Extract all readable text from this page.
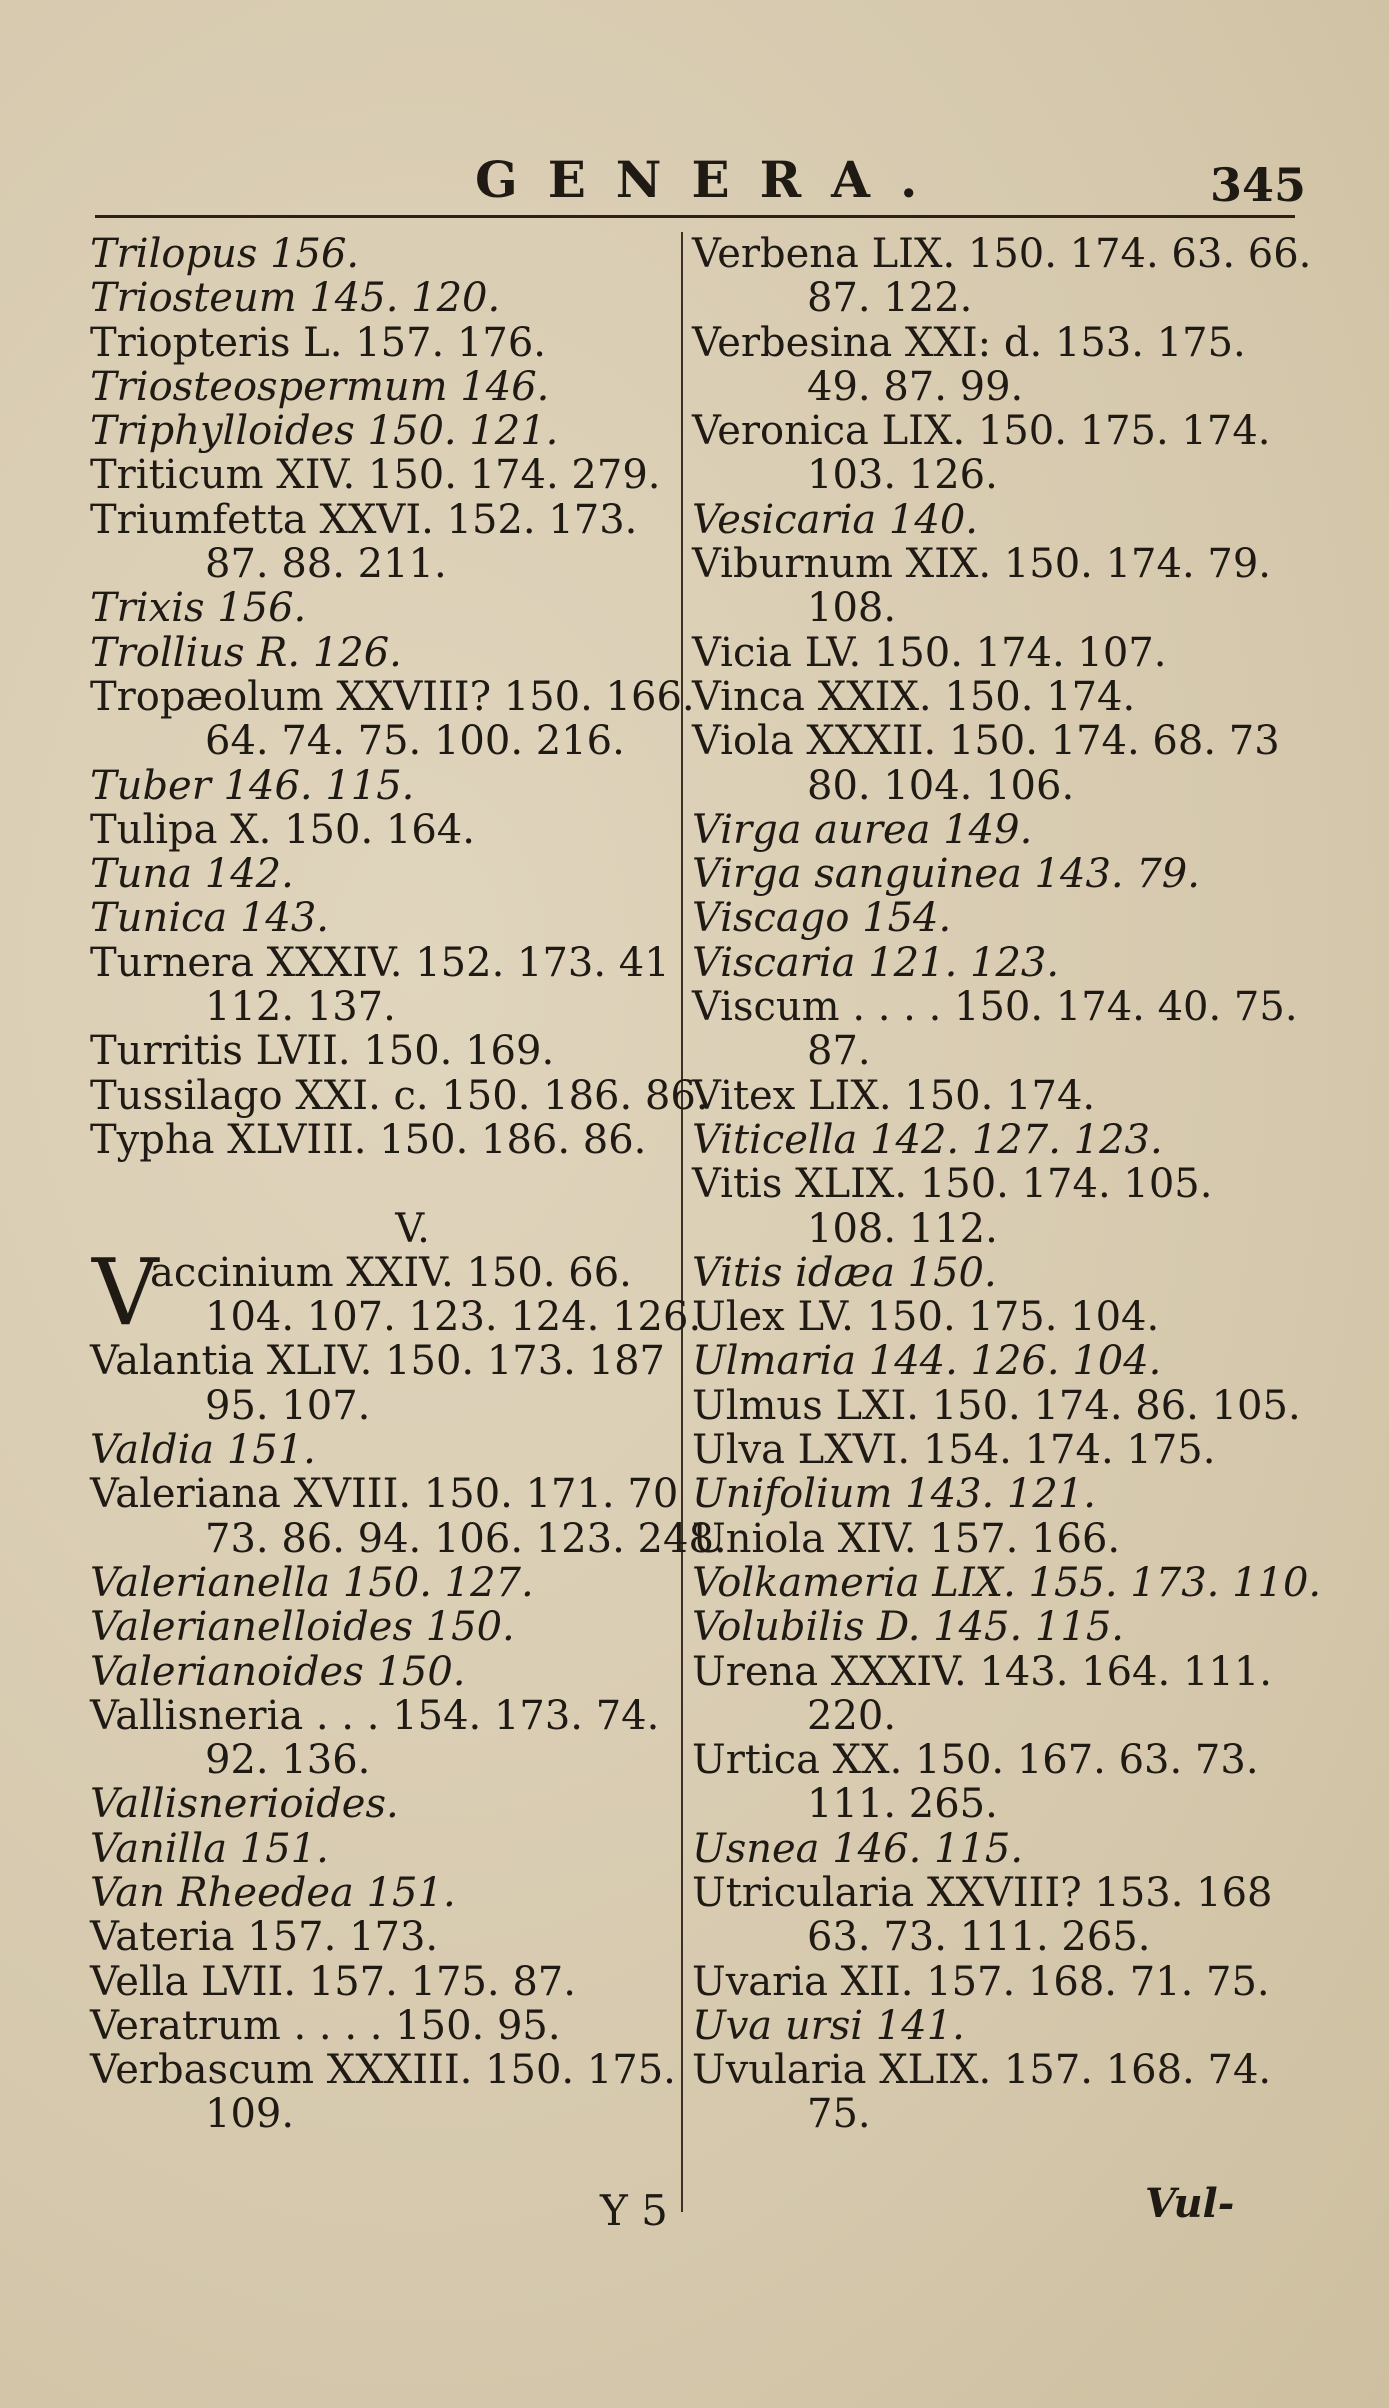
GENERA.	345
Trilopus 156.
Triosteum 145. 120.
Triopteris L. 157. 176.
Triosteospermum 146.
Triphylloides 150. 121.
Triticum XIV. 150. 174. 279.
Triumfetta XXVI. 152. 173.
87. 88. 211.
Trixis 156.
Trollius R. 126.
Tropæolum XXVIII? 150. 166.
64. 74. 75. 100. 216.
Tuber 146. 115.
Tulipa X. 150. 164.
Tuna 142.
Tunica 143.
Turnera XXXIV. 152. 173. 41
112. 137.
Turritis LVII. 150. 169.
Tussilago XXI. c. 150. 186. 86.
Typha XLVIII. 150. 186. 86.
V.
V
accinium XXIV. 150. 66.
104. 107. 123. 124. 126.
Valantia XLIV. 150. 173. 187
95. 107.
Valdia 151.
Valeriana XVIII. 150. 171. 70
73. 86. 94. 106. 123. 248.
Valerianella 150. 127.
Valerianelloides 150.
Valerianoides 150.
Vallisneria . . . 154. 173. 74.
92. 136.
Vallisnerioides.
Vanilla 151.
Van Rheedea 151.
Vateria 157. 173.
Vella LVII. 157. 175. 87.
Veratrum . . . . 150. 95.
Verbascum XXXIII. 150. 175.
109.
Verbena LIX. 150. 174. 63. 66.
87. 122.
Verbesina XXI: d. 153. 175.
49. 87. 99.
Veronica LIX. 150. 175. 174.
103. 126.
Vesicaria 140.
Viburnum XIX. 150. 174. 79.
108.
Vicia LV. 150. 174. 107.
Vinca XXIX. 150. 174.
Viola XXXII. 150. 174. 68. 73
80. 104. 106.
Virga aurea 149.
Virga sanguinea 143. 79.
Viscago 154.
Viscaria 121. 123.
Viscum . . . . 150. 174. 40. 75.
87.
Vitex LIX. 150. 174.
Viticella 142. 127. 123.
Vitis XLIX. 150. 174. 105.
108. 112.
Vitis idæa 150.
Ulex LV. 150. 175. 104.
Ulmaria 144. 126. 104.
Ulmus LXI. 150. 174. 86. 105.
Ulva LXVI. 154. 174. 175.
Unifolium 143. 121.
Uniola XIV. 157. 166.
Volkameria LIX. 155. 173. 110.
Volubilis D. 145. 115.
Urena XXXIV. 143. 164. 111.
220.
Urtica XX. 150. 167. 63. 73.
111. 265.
Usnea 146. 115.
Utricularia XXVIII? 153. 168
63. 73. 111. 265.
Uvaria XII. 157. 168. 71. 75.
Uva ursi 141.
Uvularia XLIX. 157. 168. 74.
75.
Y 5	Vul-
